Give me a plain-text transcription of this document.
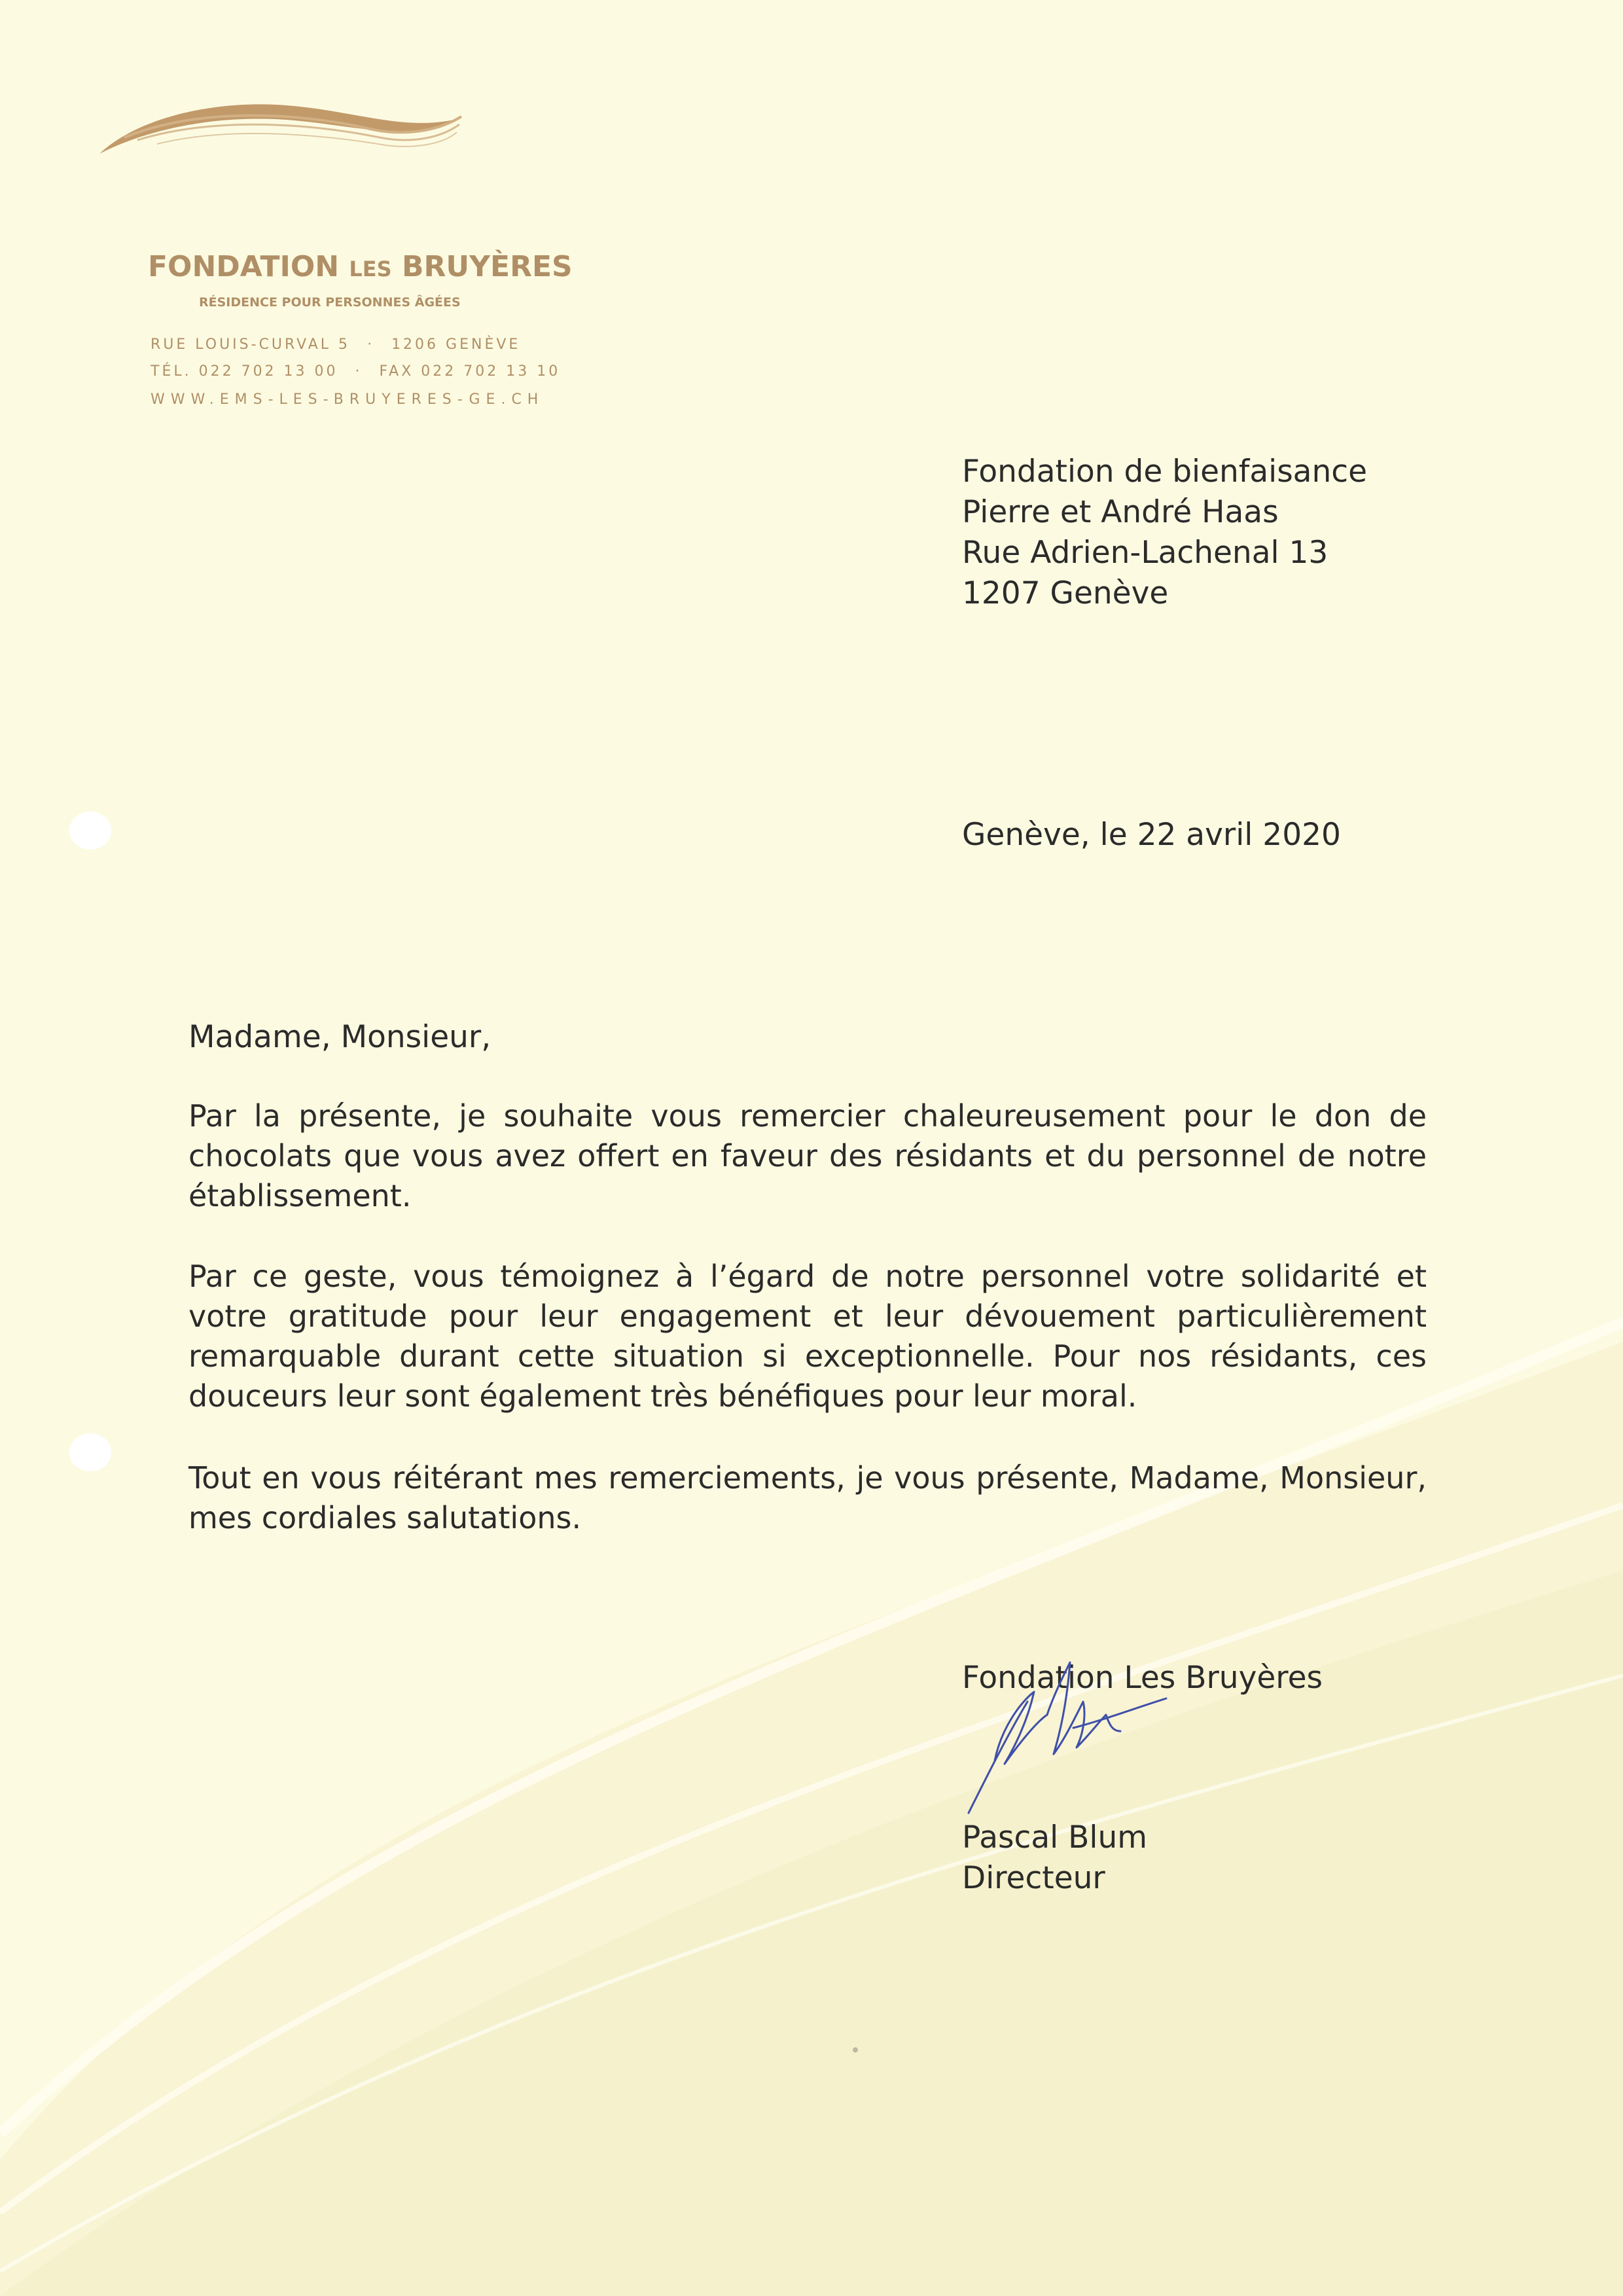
FONDATION LES BRUYÈRES
RÉSIDENCE POUR PERSONNES ÂGÉES
RUE LOUIS-CURVAL 5 · 1206 GENÈVE
TÉL. 022 702 13 00 · FAX 022 702 13 10
WWW.EMS-LES-BRUYERES-GE.CH
Fondation de bienfaisance
Pierre et André Haas
Rue Adrien-Lachenal 13
1207 Genève
Genève, le 22 avril 2020
Madame, Monsieur,
Par la présente, je souhaite vous remercier chaleureusement pour le don de chocolats que vous avez offert en faveur des résidants et du personnel de notre établissement.
Par ce geste, vous témoignez à l’égard de notre personnel votre solidarité et votre gratitude pour leur engagement et leur dévouement particulièrement remarquable durant cette situation si exceptionnelle. Pour nos résidants, ces douceurs leur sont également très bénéfiques pour leur moral.
Tout en vous réitérant mes remerciements, je vous présente, Madame, Monsieur, mes cordiales salutations.
Fondation Les Bruyères
Pascal Blum
Directeur
